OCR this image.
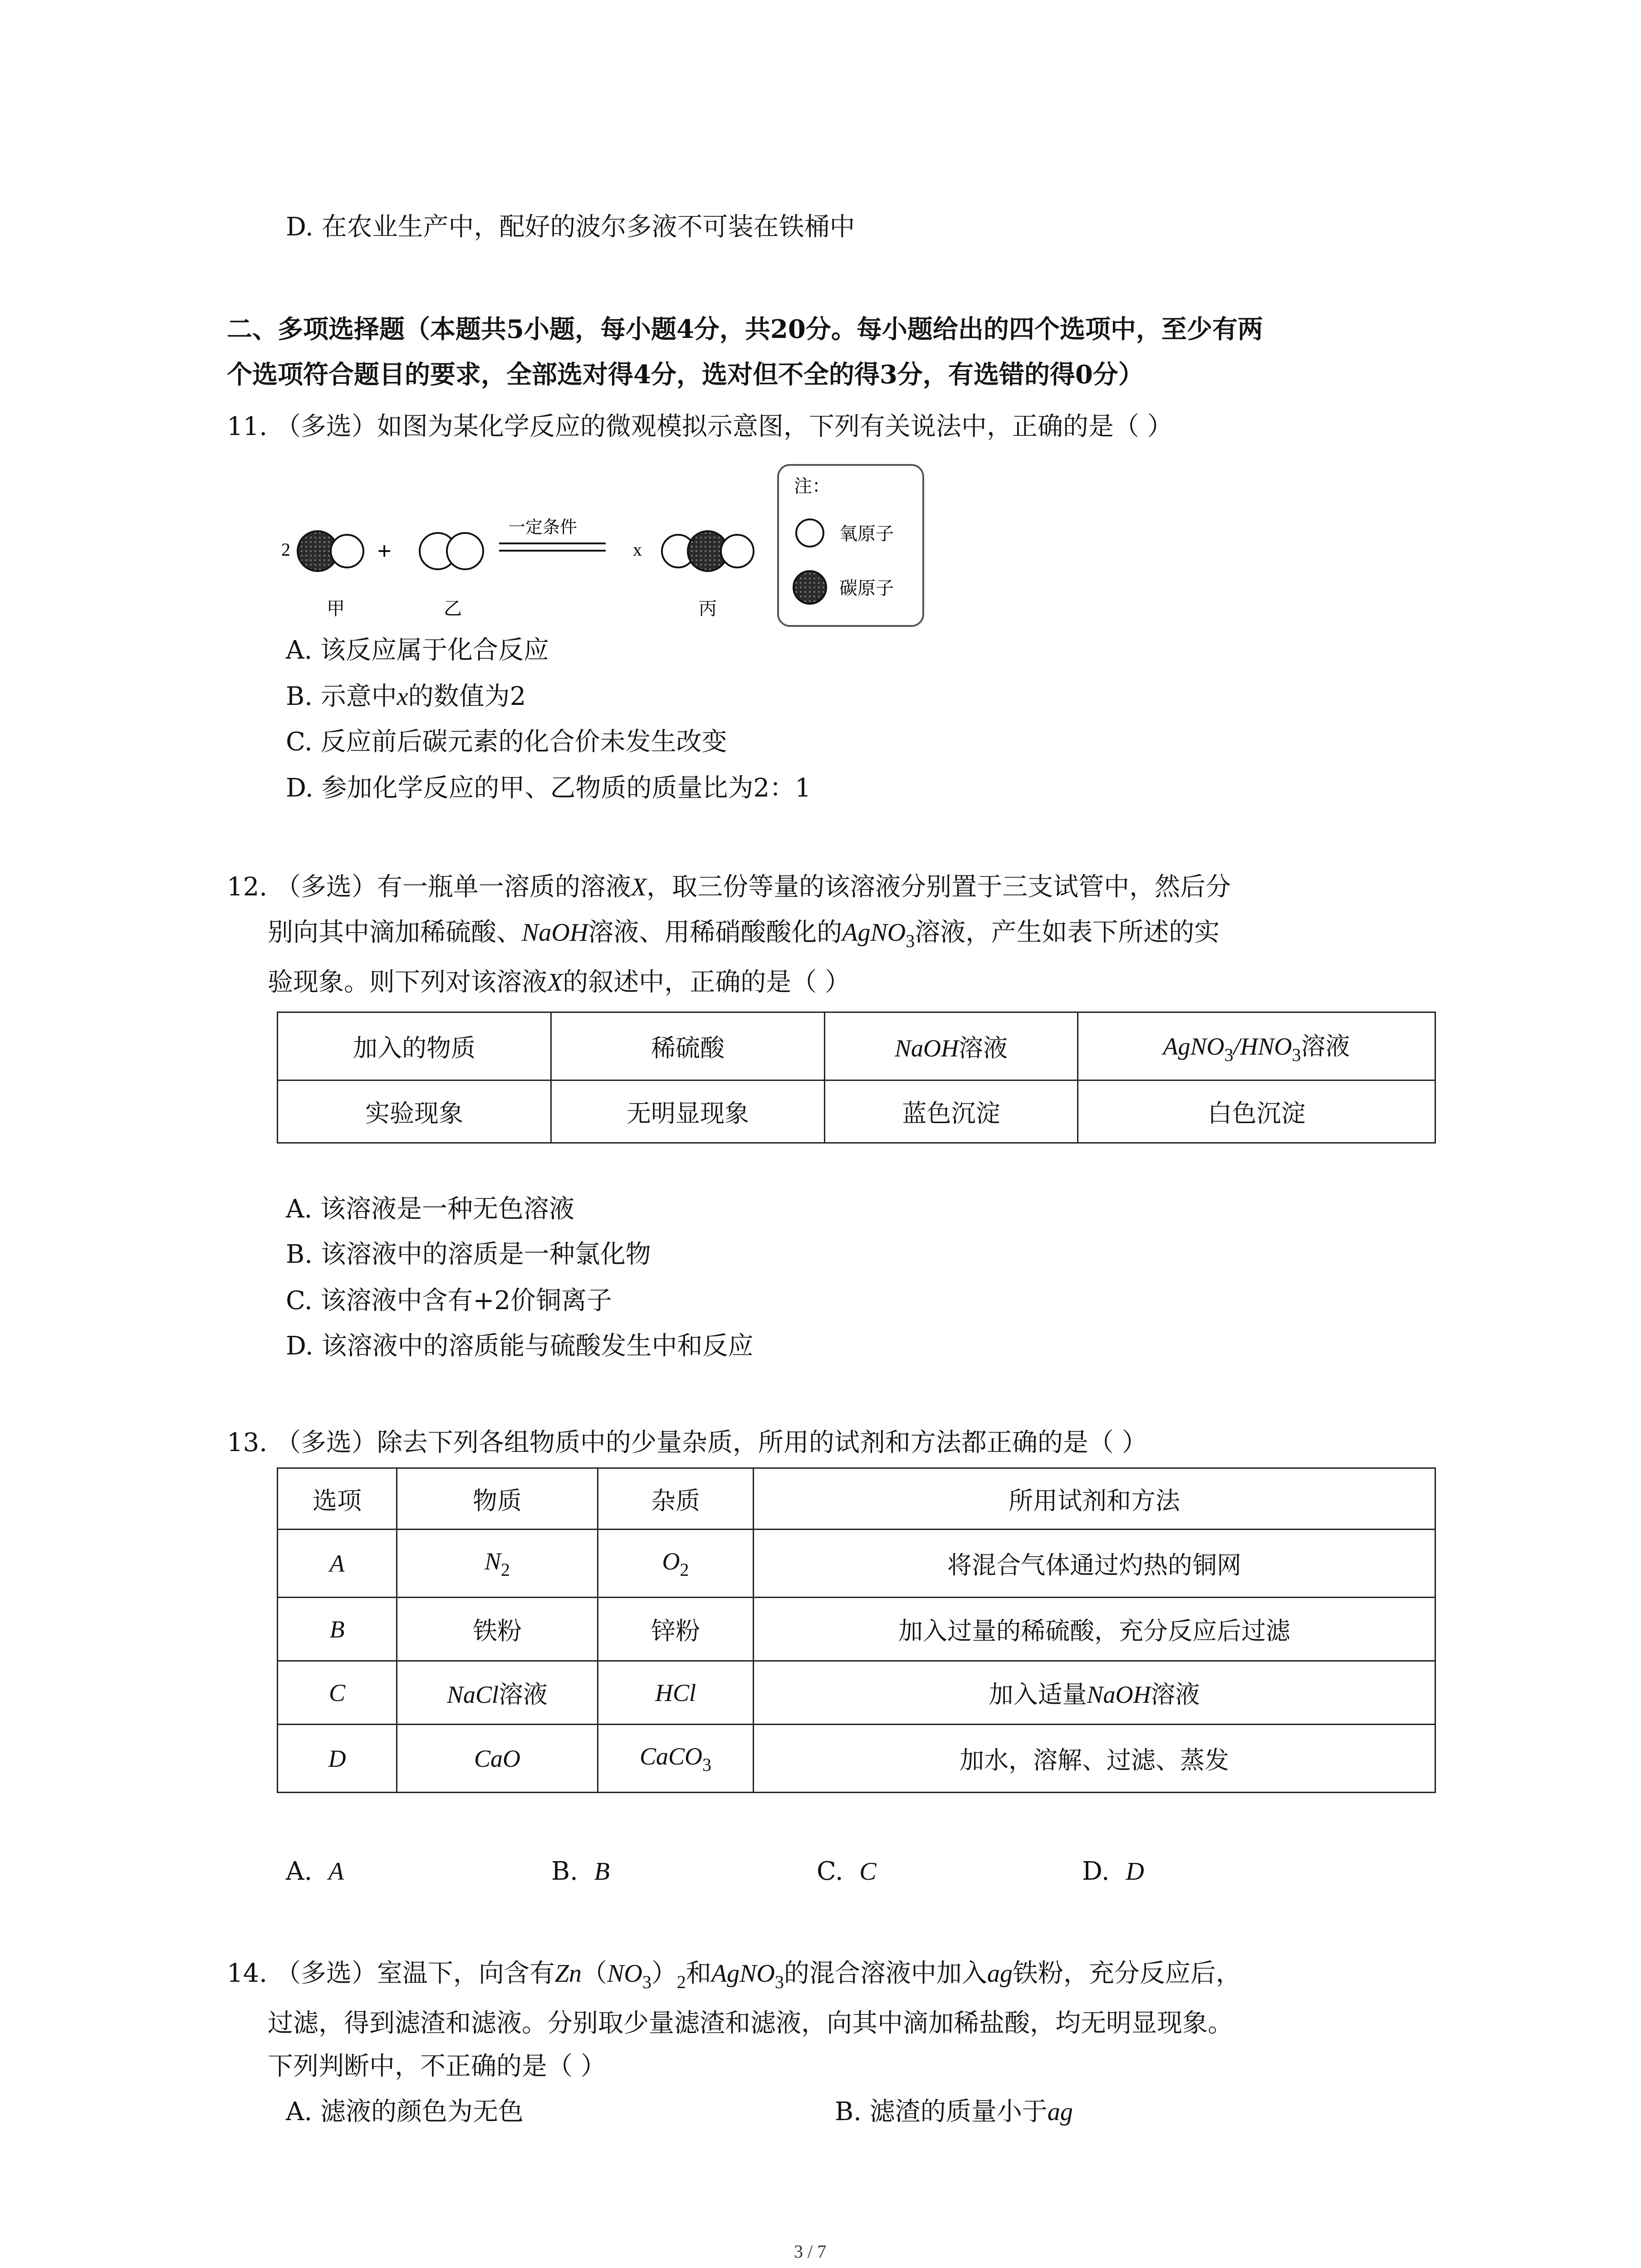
D. 在农业生产中，配好的波尔多液不可装在铁桶中
二、多项选择题（本题共5小题，每小题4分，共20分。每小题给出的四个选项中，至少有两
个选项符合题目的要求，全部选对得4分，选对但不全的得3分，有选错的得0分）
11. （多选）如图为某化学反应的微观模拟示意图，下列有关说法中，正确的是（ ）
2	+
一定条件
x
甲	乙	丙
注：
氧原子
碳原子
A. 该反应属于化合反应
B. 示意中x的数值为2
C. 反应前后碳元素的化合价未发生改变
D. 参加化学反应的甲、乙物质的质量比为2：1
12. （多选）有一瓶单一溶质的溶液X，取三份等量的该溶液分别置于三支试管中，然后分
别向其中滴加稀硫酸、NaOH溶液、用稀硝酸酸化的AgNO$_3$溶液，产生如表下所述的实
验现象。则下列对该溶液X的叙述中，正确的是（ ）
加入的物质	稀硫酸	NaOH溶液	$AgNO_3/HNO_3$溶液
实验现象	无明显现象	蓝色沉淀	白色沉淀
A. 该溶液是一种无色溶液
B. 该溶液中的溶质是一种氯化物
C. 该溶液中含有+2价铜离子
D. 该溶液中的溶质能与硫酸发生中和反应
13. （多选）除去下列各组物质中的少量杂质，所用的试剂和方法都正确的是（ ）
选项	物质	杂质	所用试剂和方法
A	$N_2$	$O_2$	将混合气体通过灼热的铜网
B	铁粉	锌粉	加入过量的稀硫酸，充分反应后过滤
C	NaCl溶液	HCl	加入适量NaOH溶液
D	CaO	CaCO$_3$	加水，溶解、过滤、蒸发
A. A	B. B	C. C	D. D
14. （多选）室温下，向含有$Zn(NO_3)_2$和AgNO$_3$的混合溶液中加入ag铁粉，充分反应后，
过滤，得到滤渣和滤液。分别取少量滤渣和滤液，向其中滴加稀盐酸，均无明显现象。
下列判断中，不正确的是（ ）
A. 滤液的颜色为无色	B. 滤渣的质量小于ag
3 / 7
